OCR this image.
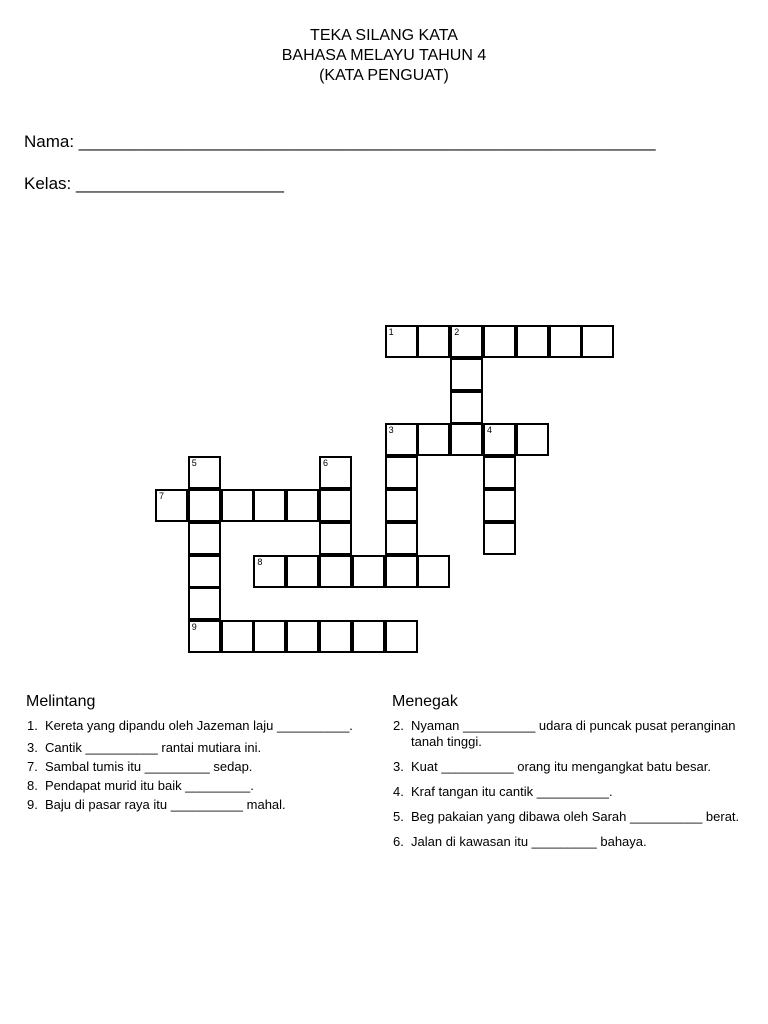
TEKA SILANG KATA
BAHASA MELAYU TAHUN 4
(KATA PENGUAT)
Nama: _____________________________________________________________
Kelas: ______________________
1	2
3	4
5	6
7
8
9
Melintang
1. Kereta yang dipandu oleh Jazeman laju __________.
3. Cantik __________ rantai mutiara ini.
7. Sambal tumis itu _________ sedap.
8. Pendapat murid itu baik _________.
9. Baju di pasar raya itu __________ mahal.
Menegak
2. Nyaman __________ udara di puncak pusat peranginan tanah tinggi.
3. Kuat __________ orang itu mengangkat batu besar.
4. Kraf tangan itu cantik __________.
5. Beg pakaian yang dibawa oleh Sarah __________ berat.
6. Jalan di kawasan itu _________ bahaya.
